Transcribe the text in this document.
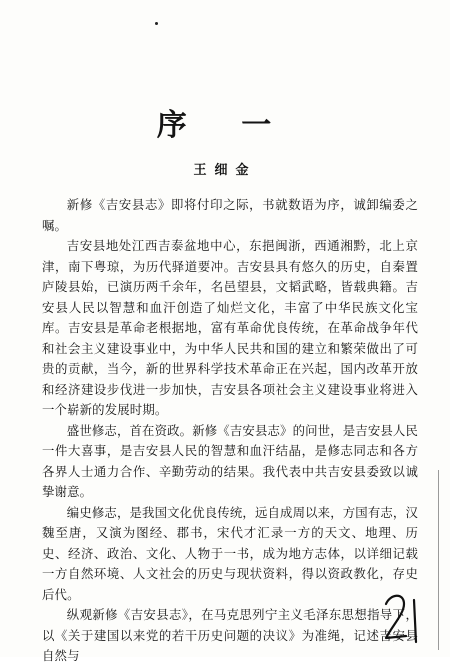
序 一

王细金

新修《吉安县志》即将付印之际，书就数语为序，诚卸编委之嘱。

吉安县地处江西吉泰盆地中心，东挹闽浙，西通湘黔，北上京津，南下粤琼，为历代驿道要冲。吉安县具有悠久的历史，自秦置庐陵县始，已演历两千余年，名邑望县，文韬武略，皆载典籍。吉安县人民以智慧和血汗创造了灿烂文化，丰富了中华民族文化宝库。吉安县是革命老根据地，富有革命优良传统，在革命战争年代和社会主义建设事业中，为中华人民共和国的建立和繁荣做出了可贵的贡献，当今，新的世界科学技术革命正在兴起，国内改革开放和经济建设步伐进一步加快，吉安县各项社会主义建设事业将进入一个崭新的发展时期。

盛世修志，首在资政。新修《吉安县志》的问世，是吉安县人民一件大喜事，是吉安县人民的智慧和血汗结晶，是修志同志和各方各界人士通力合作、辛勤劳动的结果。我代表中共吉安县委致以诚挚谢意。

编史修志，是我国文化优良传统，远自成周以来，方国有志，汉魏至唐，又演为图经、郡书，宋代才汇录一方的天文、地理、历史、经济、政治、文化、人物于一书，成为地方志体，以详细记载一方自然环境、人文社会的历史与现状资料，得以资政教化，存史后代。

纵观新修《吉安县志》，在马克思列宁主义毛泽东思想指导下，以《关于建国以来党的若干历史问题的决议》为准绳，记述吉安县自然与
